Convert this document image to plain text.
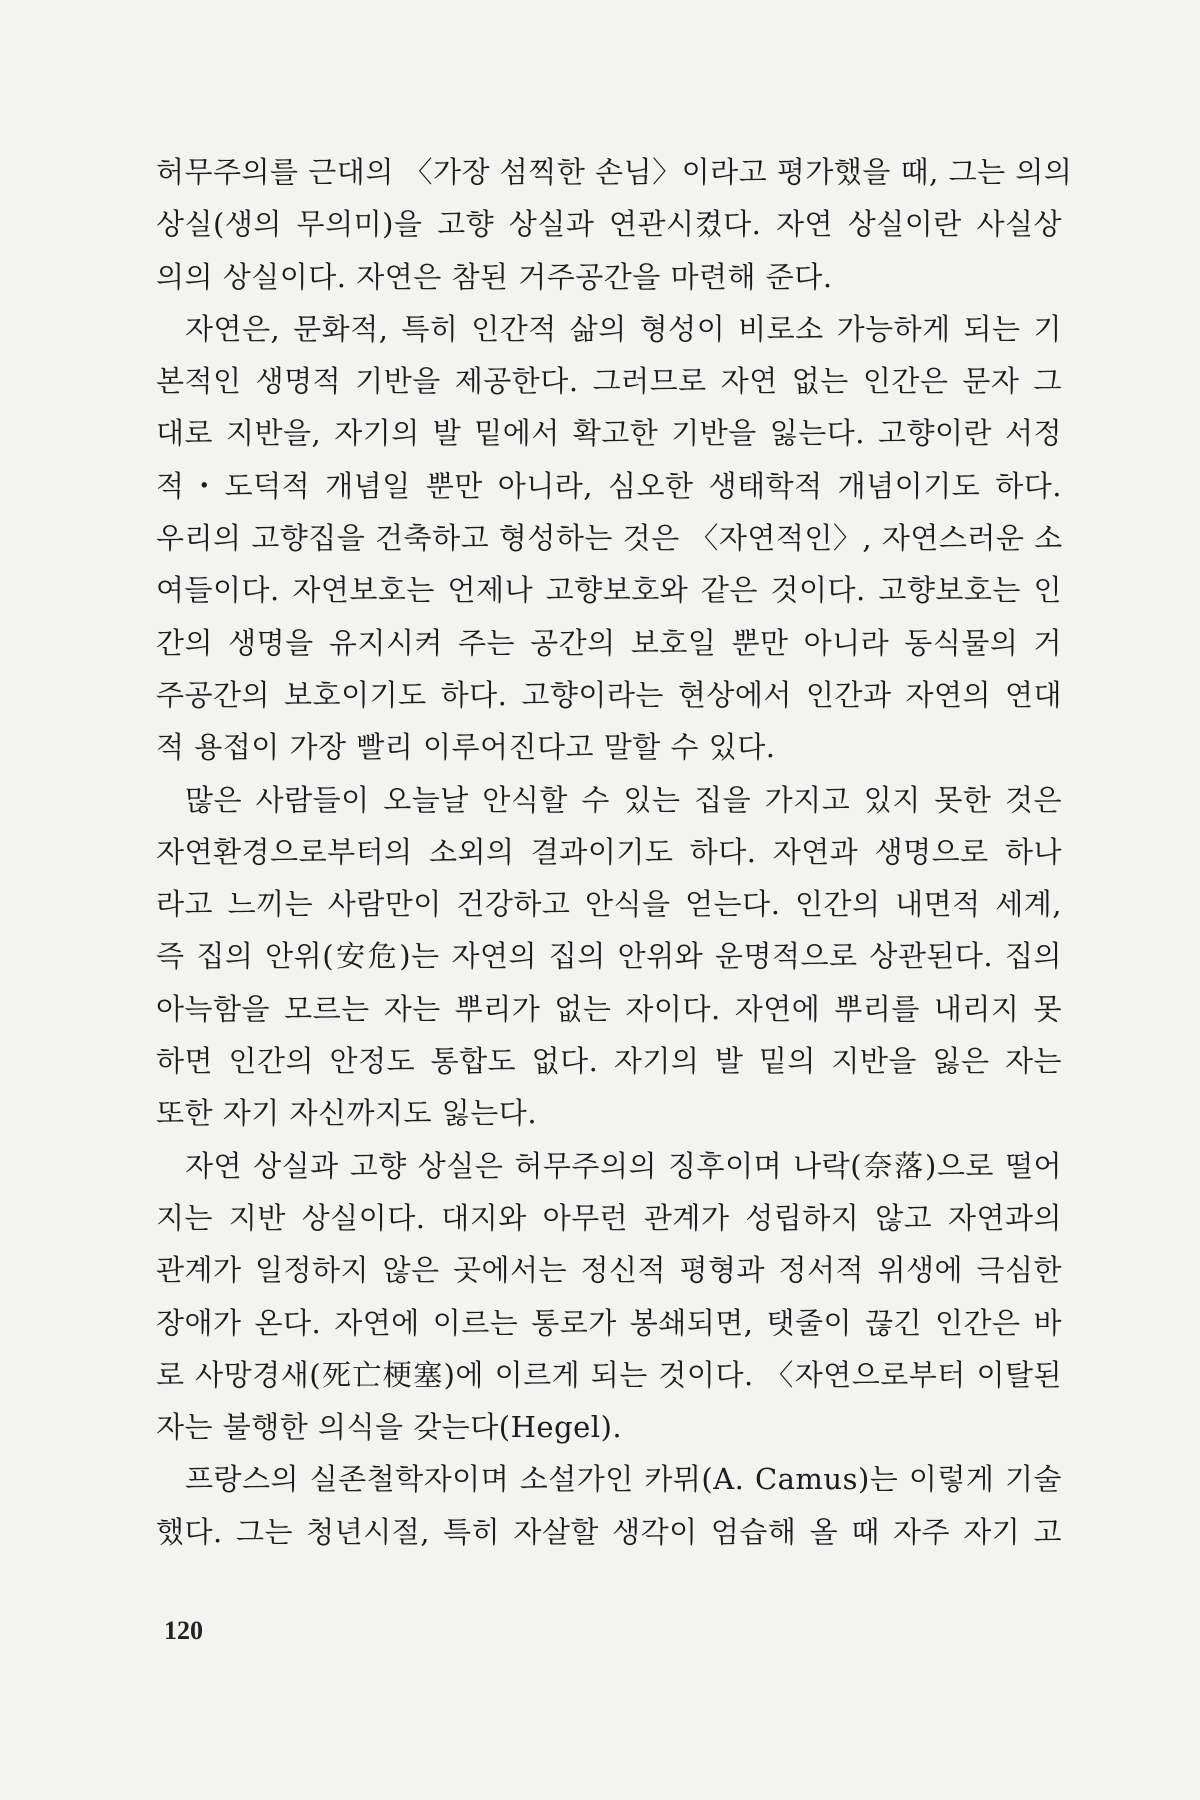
허무주의를 근대의 〈가장 섬찍한 손님〉이라고 평가했을 때, 그는 의의
상실(생의 무의미)을 고향 상실과 연관시켰다. 자연 상실이란 사실상
의의 상실이다. 자연은 참된 거주공간을 마련해 준다.
자연은, 문화적, 특히 인간적 삶의 형성이 비로소 가능하게 되는 기
본적인 생명적 기반을 제공한다. 그러므로 자연 없는 인간은 문자 그
대로 지반을, 자기의 발 밑에서 확고한 기반을 잃는다. 고향이란 서정
적・도덕적 개념일 뿐만 아니라, 심오한 생태학적 개념이기도 하다.
우리의 고향집을 건축하고 형성하는 것은 〈자연적인〉, 자연스러운 소
여들이다. 자연보호는 언제나 고향보호와 같은 것이다. 고향보호는 인
간의 생명을 유지시켜 주는 공간의 보호일 뿐만 아니라 동식물의 거
주공간의 보호이기도 하다. 고향이라는 현상에서 인간과 자연의 연대
적 용접이 가장 빨리 이루어진다고 말할 수 있다.
많은 사람들이 오늘날 안식할 수 있는 집을 가지고 있지 못한 것은
자연환경으로부터의 소외의 결과이기도 하다. 자연과 생명으로 하나
라고 느끼는 사람만이 건강하고 안식을 얻는다. 인간의 내면적 세계,
즉 집의 안위(安危)는 자연의 집의 안위와 운명적으로 상관된다. 집의
아늑함을 모르는 자는 뿌리가 없는 자이다. 자연에 뿌리를 내리지 못
하면 인간의 안정도 통합도 없다. 자기의 발 밑의 지반을 잃은 자는
또한 자기 자신까지도 잃는다.
자연 상실과 고향 상실은 허무주의의 징후이며 나락(奈落)으로 떨어
지는 지반 상실이다. 대지와 아무런 관계가 성립하지 않고 자연과의
관계가 일정하지 않은 곳에서는 정신적 평형과 정서적 위생에 극심한
장애가 온다. 자연에 이르는 통로가 봉쇄되면, 탯줄이 끊긴 인간은 바
로 사망경새(死亡梗塞)에 이르게 되는 것이다. 〈자연으로부터 이탈된
자는 불행한 의식을 갖는다(Hegel).
프랑스의 실존철학자이며 소설가인 카뮈(A. Camus)는 이렇게 기술
했다. 그는 청년시절, 특히 자살할 생각이 엄습해 올 때 자주 자기 고
120
